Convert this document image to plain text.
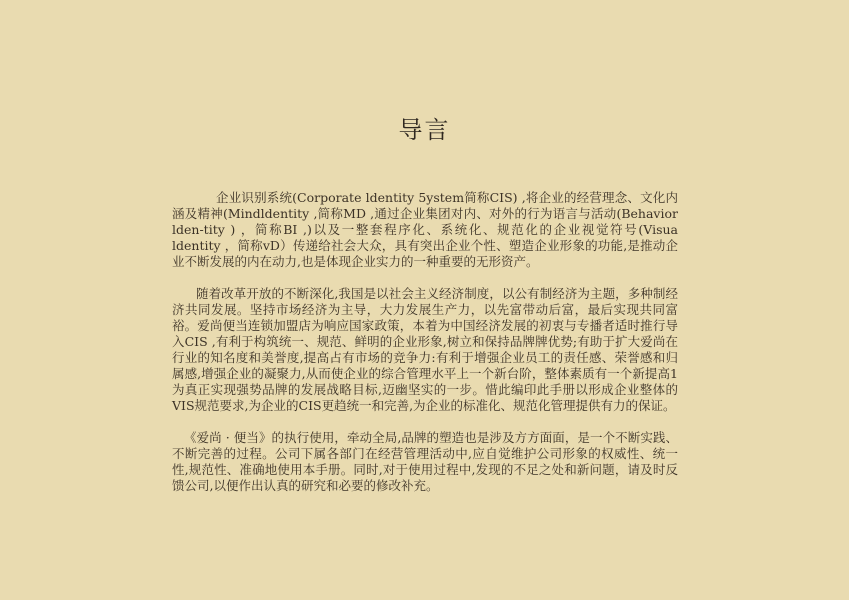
导言

企业识别系统(Corporate ldentity 5ystem简称CIS) ,将企业的经营理念、文化内涵及精神(Mindldentity ,简称MD ,通过企业集团对内、对外的行为语言与活动(Behavior lden-tity ) ，简称BI ,)以及一整套程序化、系统化、规范化的企业视觉符号(Visua ldentity ，简称vD）传递给社会大众，具有突出企业个性、塑造企业形象的功能,是推动企业不断发展的内在动力,也是体现企业实力的一种重要的无形资产。

随着改革开放的不断深化,我国是以社会主义经济制度，以公有制经济为主题，多种制经济共同发展。坚持市场经济为主导，大力发展生产力，以先富带动后富，最后实现共同富裕。爱尚便当连锁加盟店为响应国家政策，本着为中国经济发展的初衷与专播者适时推行导入CIS ,有利于构筑统一、规范、鲜明的企业形象,树立和保持品牌牌优势;有助于扩大爱尚在行业的知名度和美誉度,提高占有市场的竞争力:有利于增强企业员工的责任感、荣誉感和归属感,增强企业的凝聚力,从而使企业的综合管理水平上一个新台阶，整体素质有一个新提高1为真正实现强势品牌的发展战略目标,迈幽坚实的一步。惜此编印此手册以形成企业整体的VIS规范要求,为企业的CIS更趋统一和完善,为企业的标准化、规范化管理提供有力的保证。

《爱尚 · 便当》的执行使用，牵动全局,品牌的塑造也是涉及方方面面，是一个不断实践、不断完善的过程。公司下属各部门在经营管理活动中,应自觉维护公司形象的权威性、统一性,规范性、准确地使用本手册。同时,对于使用过程中,发现的不足之处和新问题，请及时反馈公司,以便作出认真的研究和必要的修改补充。
